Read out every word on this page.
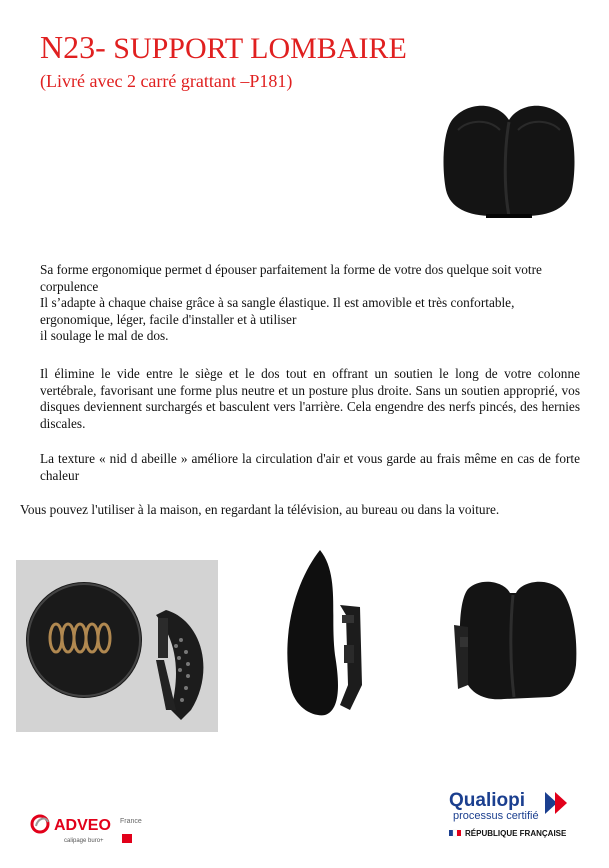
N23- SUPPORT LOMBAIRE
(Livré avec 2 carré grattant –P181)

Sa forme ergonomique permet d épouser parfaitement la forme de votre dos quelque soit votre corpulence

Il s’adapte à chaque chaise grâce à sa sangle élastique. Il est amovible et très confortable, ergonomique, léger, facile d'installer et à utiliser

il soulage le mal de dos.

Il élimine le vide entre le siège et le dos tout en offrant un soutien le long de votre colonne vertébrale, favorisant une forme plus neutre et un posture plus droite. Sans un soutien approprié, vos disques deviennent surchargés et basculent vers l'arrière. Cela engendre des nerfs pincés, des hernies discales.
La texture « nid d abeille » améliore la circulation d'air et vous garde au frais même en cas de forte chaleur
Vous pouvez l'utiliser à la maison, en regardant la télévision, au bureau ou dans la voiture.
ADVEO France
calipage buro+
Qualiopi
processus certifié
RÉPUBLIQUE FRANÇAISE
